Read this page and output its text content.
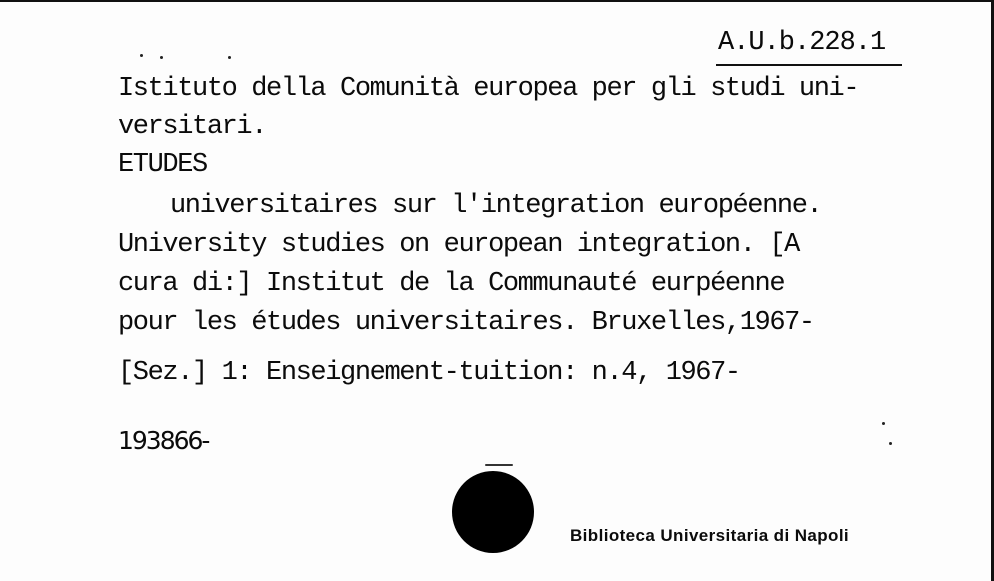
A.U.b.228.1
Istituto della Comunità europea per gli studi uni-
versitari.
ETUDES
universitaires sur l'integration européenne.
University studies on european integration. [A
cura di:] Institut de la Communauté eurpéenne
pour les études universitaires. Bruxelles,1967-
[Sez.] 1: Enseignement-tuition: n.4, 1967-
193866-
Biblioteca Universitaria di Napoli
